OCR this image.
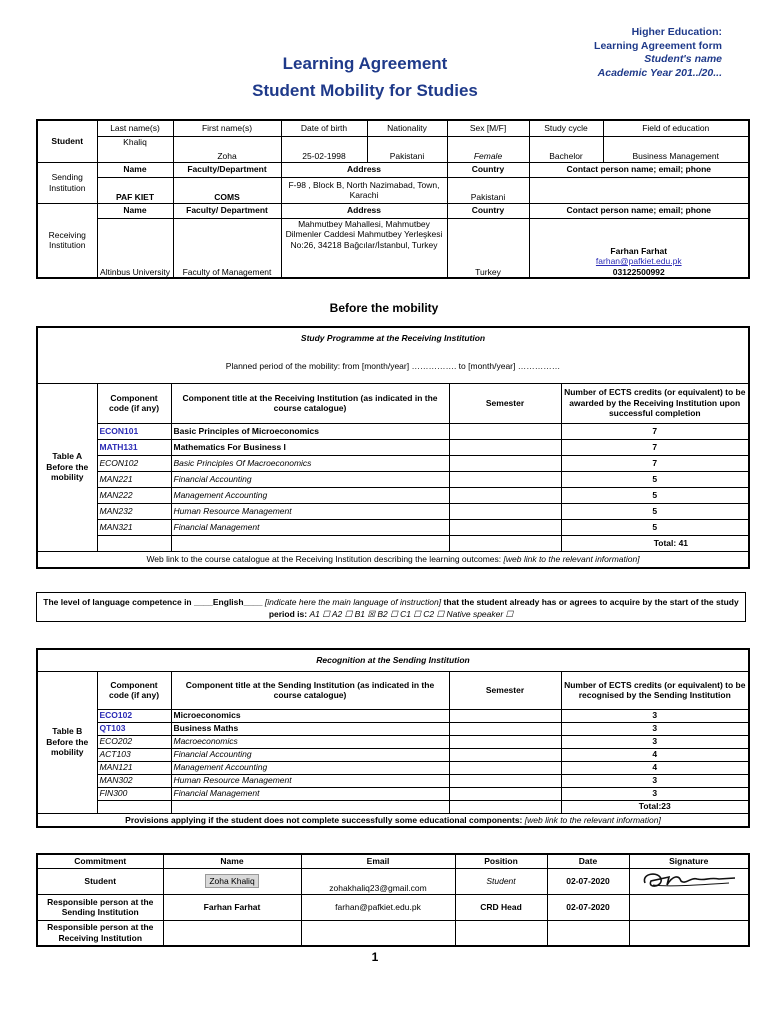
Higher Education:
Learning Agreement form
Student's name
Academic Year 201../20...
Learning Agreement
Student Mobility for Studies
Student	Last name(s)	First name(s)	Date of birth	Nationality	Sex [M/F]	Study cycle	Field of education
	Khaliq	Zoha	25-02-1998	Pakistani	Female	Bachelor	Business Management
Sending Institution	Name	Faculty/Department	Address		Country	Contact person name; email; phone	
	PAF KIET	COMS	F-98 , Block B, North Nazimabad, Town, Karachi		Pakistani		
Receiving Institution	Name	Faculty/ Department	Address		Country	Contact person name; email; phone	
	Altinbus University	Faculty of Management	Mahmutbey Mahallesi, Mahmutbey Dilmenler Caddesi Mahmutbey Yerleşkesi No:26, 34218 Bağcılar/İstanbul, Turkey		Turkey	Farhan Farhat
farhan@pafkiet.edu.pk
03122500992	
Before the mobility
Study Programme at the Receiving Institution				
Planned period of the mobility: from [month/year] ……………. to [month/year] ……………				
Table A Before the mobility	Component code (if any)	Component title at the Receiving Institution (as indicated in the course catalogue)	Semester	Number of ECTS credits (or equivalent) to be awarded by the Receiving Institution upon successful completion
	ECON101	Basic Principles of Microeconomics		7
	MATH131	Mathematics For Business I		7
	ECON102	Basic Principles Of Macroeconomics		7
	MAN221	Financial Accounting		5
	MAN222	Management Accounting		5
	MAN232	Human Resource Management		5
	MAN321	Financial Management		5
				Total: 41
Web link to the course catalogue at the Receiving Institution describing the learning outcomes: [web link to the relevant information]				
The level of language competence in ____English____ [indicate here the main language of instruction] that the student already has or agrees to acquire by the start of the study period is: A1 ☐ A2 ☐ B1 ☒ B2 ☐ C1 ☐ C2 ☐ Native speaker ☐
Recognition at the Sending Institution				
Table B Before the mobility	Component code (if any)	Component title at the Sending Institution (as indicated in the course catalogue)	Semester	Number of ECTS credits (or equivalent) to be recognised by the Sending Institution
	ECO102	Microeconomics		3
	QT103	Business Maths		3
	ECO202	Macroeconomics		3
	ACT103	Financial Accounting		4
	MAN121	Management Accounting		4
	MAN302	Human Resource Management		3
	FIN300	Financial Management		3
				Total:23
Provisions applying if the student does not complete successfully some educational components: [web link to the relevant information]				
Commitment	Name	Email	Position	Date	Signature
Student	Zoha Khaliq	zohakhaliq23@gmail.com	Student	02-07-2020	
Responsible person at the Sending Institution	Farhan Farhat	farhan@pafkiet.edu.pk	CRD Head	02-07-2020	
Responsible person at the Receiving Institution					
1
